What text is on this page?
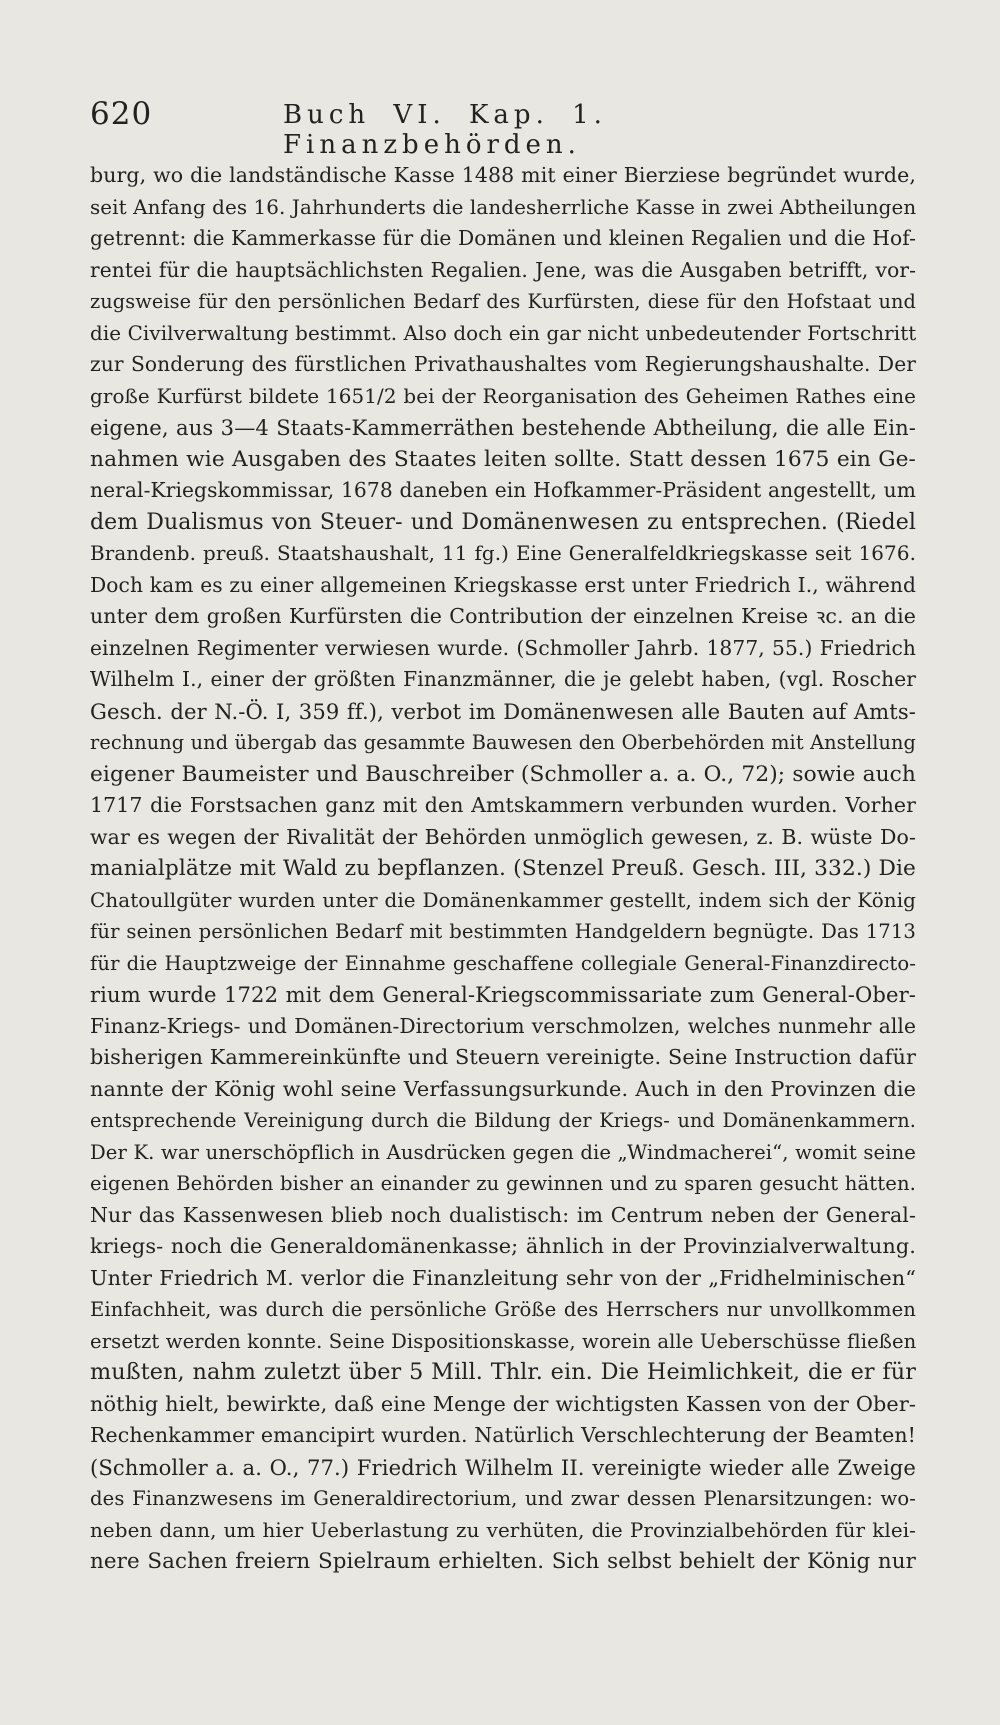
620	Buch VI. Kap. 1. Finanzbehörden.
burg, wo die landständische Kasse 1488 mit einer Bierziese begründet wurde,
seit Anfang des 16. Jahrhunderts die landesherrliche Kasse in zwei Abtheilungen
getrennt: die Kammerkasse für die Domänen und kleinen Regalien und die Hof-
rentei für die hauptsächlichsten Regalien. Jene, was die Ausgaben betrifft, vor-
zugsweise für den persönlichen Bedarf des Kurfürsten, diese für den Hofstaat und
die Civilverwaltung bestimmt. Also doch ein gar nicht unbedeutender Fortschritt
zur Sonderung des fürstlichen Privathaushaltes vom Regierungshaushalte. Der
große Kurfürst bildete 1651/2 bei der Reorganisation des Geheimen Rathes eine
eigene, aus 3—4 Staats-Kammerräthen bestehende Abtheilung, die alle Ein-
nahmen wie Ausgaben des Staates leiten sollte. Statt dessen 1675 ein Ge-
neral-Kriegskommissar, 1678 daneben ein Hofkammer-Präsident angestellt, um
dem Dualismus von Steuer- und Domänenwesen zu entsprechen. (Riedel
Brandenb. preuß. Staatshaushalt, 11 fg.) Eine Generalfeldkriegskasse seit 1676.
Doch kam es zu einer allgemeinen Kriegskasse erst unter Friedrich I., während
unter dem großen Kurfürsten die Contribution der einzelnen Kreise ꝛc. an die
einzelnen Regimenter verwiesen wurde. (Schmoller Jahrb. 1877, 55.) Friedrich
Wilhelm I., einer der größten Finanzmänner, die je gelebt haben, (vgl. Roscher
Gesch. der N.-Ö. I, 359 ff.), verbot im Domänenwesen alle Bauten auf Amts-
rechnung und übergab das gesammte Bauwesen den Oberbehörden mit Anstellung
eigener Baumeister und Bauschreiber (Schmoller a. a. O., 72); sowie auch
1717 die Forstsachen ganz mit den Amtskammern verbunden wurden. Vorher
war es wegen der Rivalität der Behörden unmöglich gewesen, z. B. wüste Do-
manialplätze mit Wald zu bepflanzen. (Stenzel Preuß. Gesch. III, 332.) Die
Chatoullgüter wurden unter die Domänenkammer gestellt, indem sich der König
für seinen persönlichen Bedarf mit bestimmten Handgeldern begnügte. Das 1713
für die Hauptzweige der Einnahme geschaffene collegiale General-Finanzdirecto-
rium wurde 1722 mit dem General-Kriegscommissariate zum General-Ober-
Finanz-Kriegs- und Domänen-Directorium verschmolzen, welches nunmehr alle
bisherigen Kammereinkünfte und Steuern vereinigte. Seine Instruction dafür
nannte der König wohl seine Verfassungsurkunde. Auch in den Provinzen die
entsprechende Vereinigung durch die Bildung der Kriegs- und Domänenkammern.
Der K. war unerschöpflich in Ausdrücken gegen die „Windmacherei“, womit seine
eigenen Behörden bisher an einander zu gewinnen und zu sparen gesucht hätten.
Nur das Kassenwesen blieb noch dualistisch: im Centrum neben der General-
kriegs- noch die Generaldomänenkasse; ähnlich in der Provinzialverwaltung.
Unter Friedrich M. verlor die Finanzleitung sehr von der „Fridhelminischen“
Einfachheit, was durch die persönliche Größe des Herrschers nur unvollkommen
ersetzt werden konnte. Seine Dispositionskasse, worein alle Ueberschüsse fließen
mußten, nahm zuletzt über 5 Mill. Thlr. ein. Die Heimlichkeit, die er für
nöthig hielt, bewirkte, daß eine Menge der wichtigsten Kassen von der Ober-
Rechenkammer emancipirt wurden. Natürlich Verschlechterung der Beamten!
(Schmoller a. a. O., 77.) Friedrich Wilhelm II. vereinigte wieder alle Zweige
des Finanzwesens im Generaldirectorium, und zwar dessen Plenarsitzungen: wo-
neben dann, um hier Ueberlastung zu verhüten, die Provinzialbehörden für klei-
nere Sachen freiern Spielraum erhielten. Sich selbst behielt der König nur
